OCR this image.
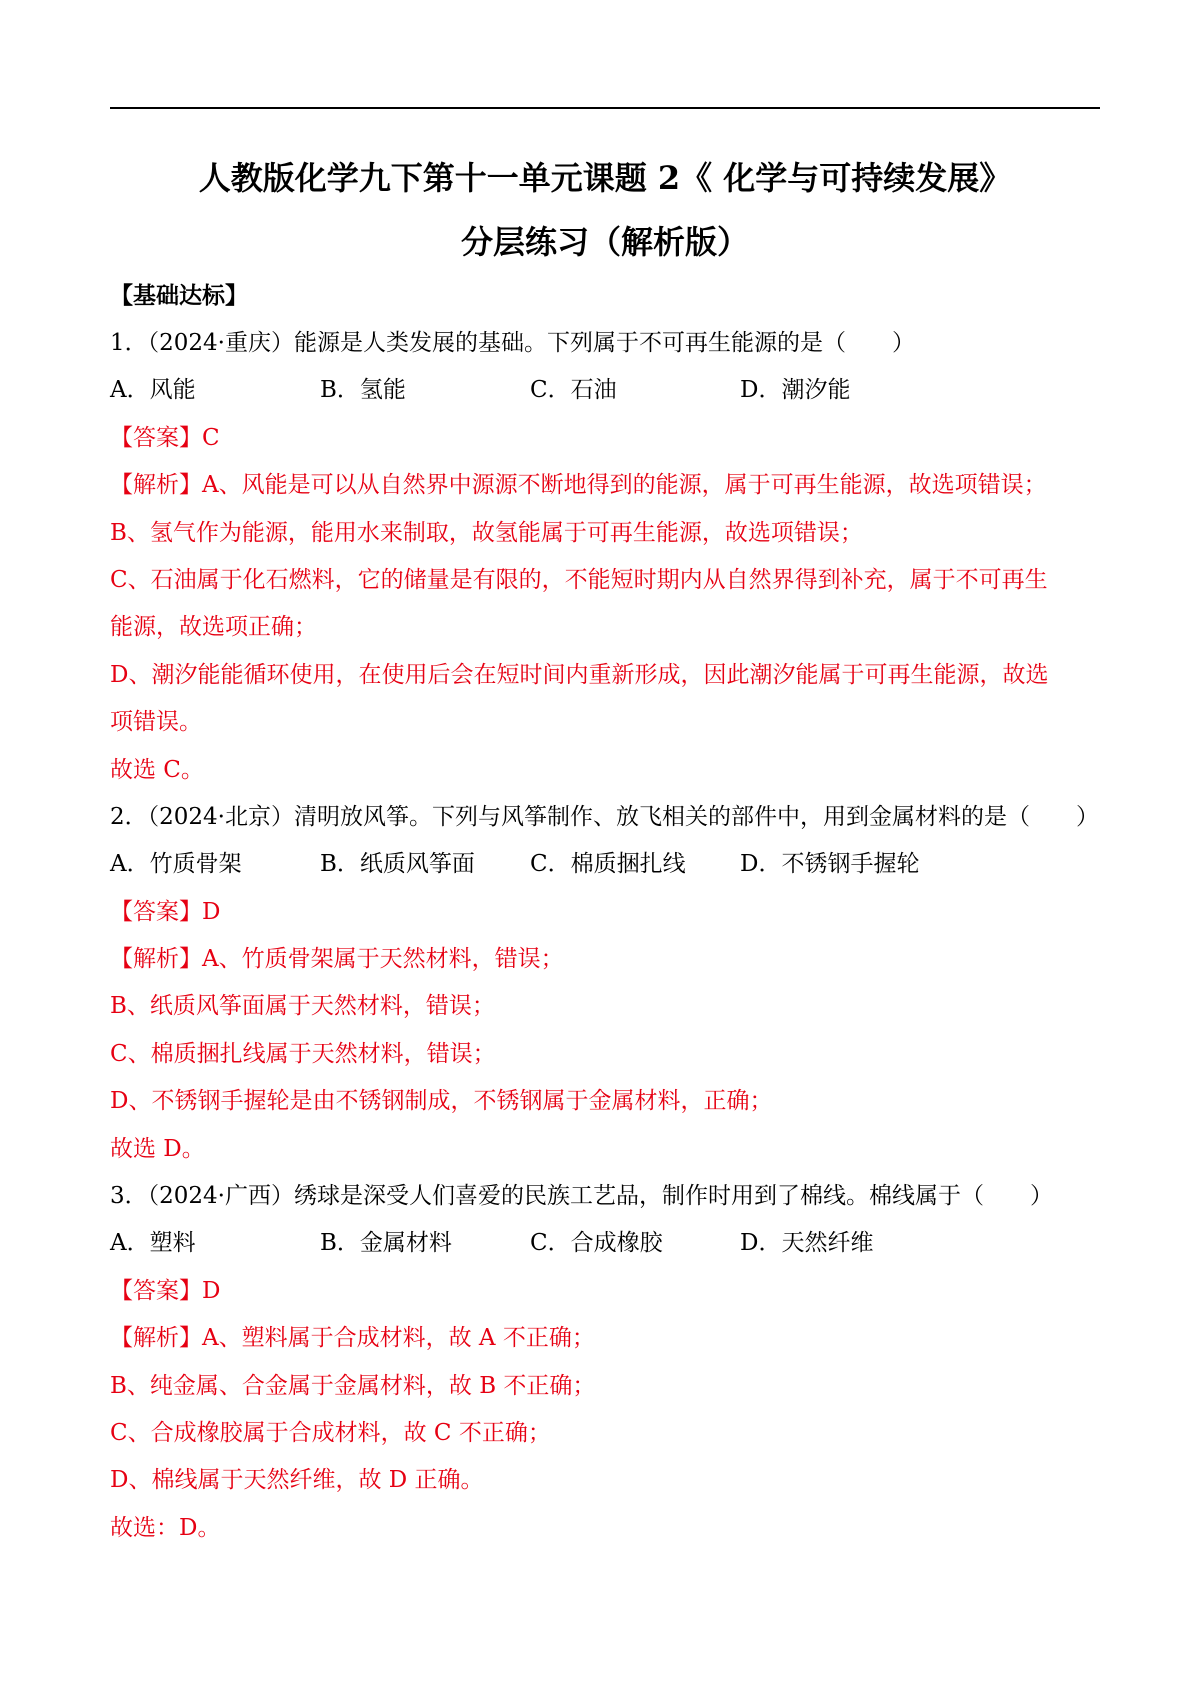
人教版化学九下第十一单元课题 2《 化学与可持续发展》
分层练习（解析版）
【基础达标】
1．（2024·重庆）能源是人类发展的基础。下列属于不可再生能源的是（　　）
A．风能	B．氢能	C．石油	D．潮汐能
【答案】C
【解析】A、风能是可以从自然界中源源不断地得到的能源，属于可再生能源，故选项错误；
B、氢气作为能源，能用水来制取，故氢能属于可再生能源，故选项错误；
C、石油属于化石燃料，它的储量是有限的，不能短时期内从自然界得到补充，属于不可再生
能源，故选项正确；
D、潮汐能能循环使用，在使用后会在短时间内重新形成，因此潮汐能属于可再生能源，故选
项错误。
故选 C。
2．（2024·北京）清明放风筝。下列与风筝制作、放飞相关的部件中，用到金属材料的是（　　）
A．竹质骨架	B．纸质风筝面 C．棉质捆扎线 D．不锈钢手握轮
【答案】D
【解析】A、竹质骨架属于天然材料，错误；
B、纸质风筝面属于天然材料，错误；
C、棉质捆扎线属于天然材料，错误；
D、不锈钢手握轮是由不锈钢制成，不锈钢属于金属材料，正确；
故选 D。
3．（2024·广西）绣球是深受人们喜爱的民族工艺品，制作时用到了棉线。棉线属于（　　）
A．塑料	B．金属材料	C．合成橡胶	D．天然纤维
【答案】D
【解析】A、塑料属于合成材料，故 A 不正确；
B、纯金属、合金属于金属材料，故 B 不正确；
C、合成橡胶属于合成材料，故 C 不正确；
D、棉线属于天然纤维，故 D 正确。
故选：D。
